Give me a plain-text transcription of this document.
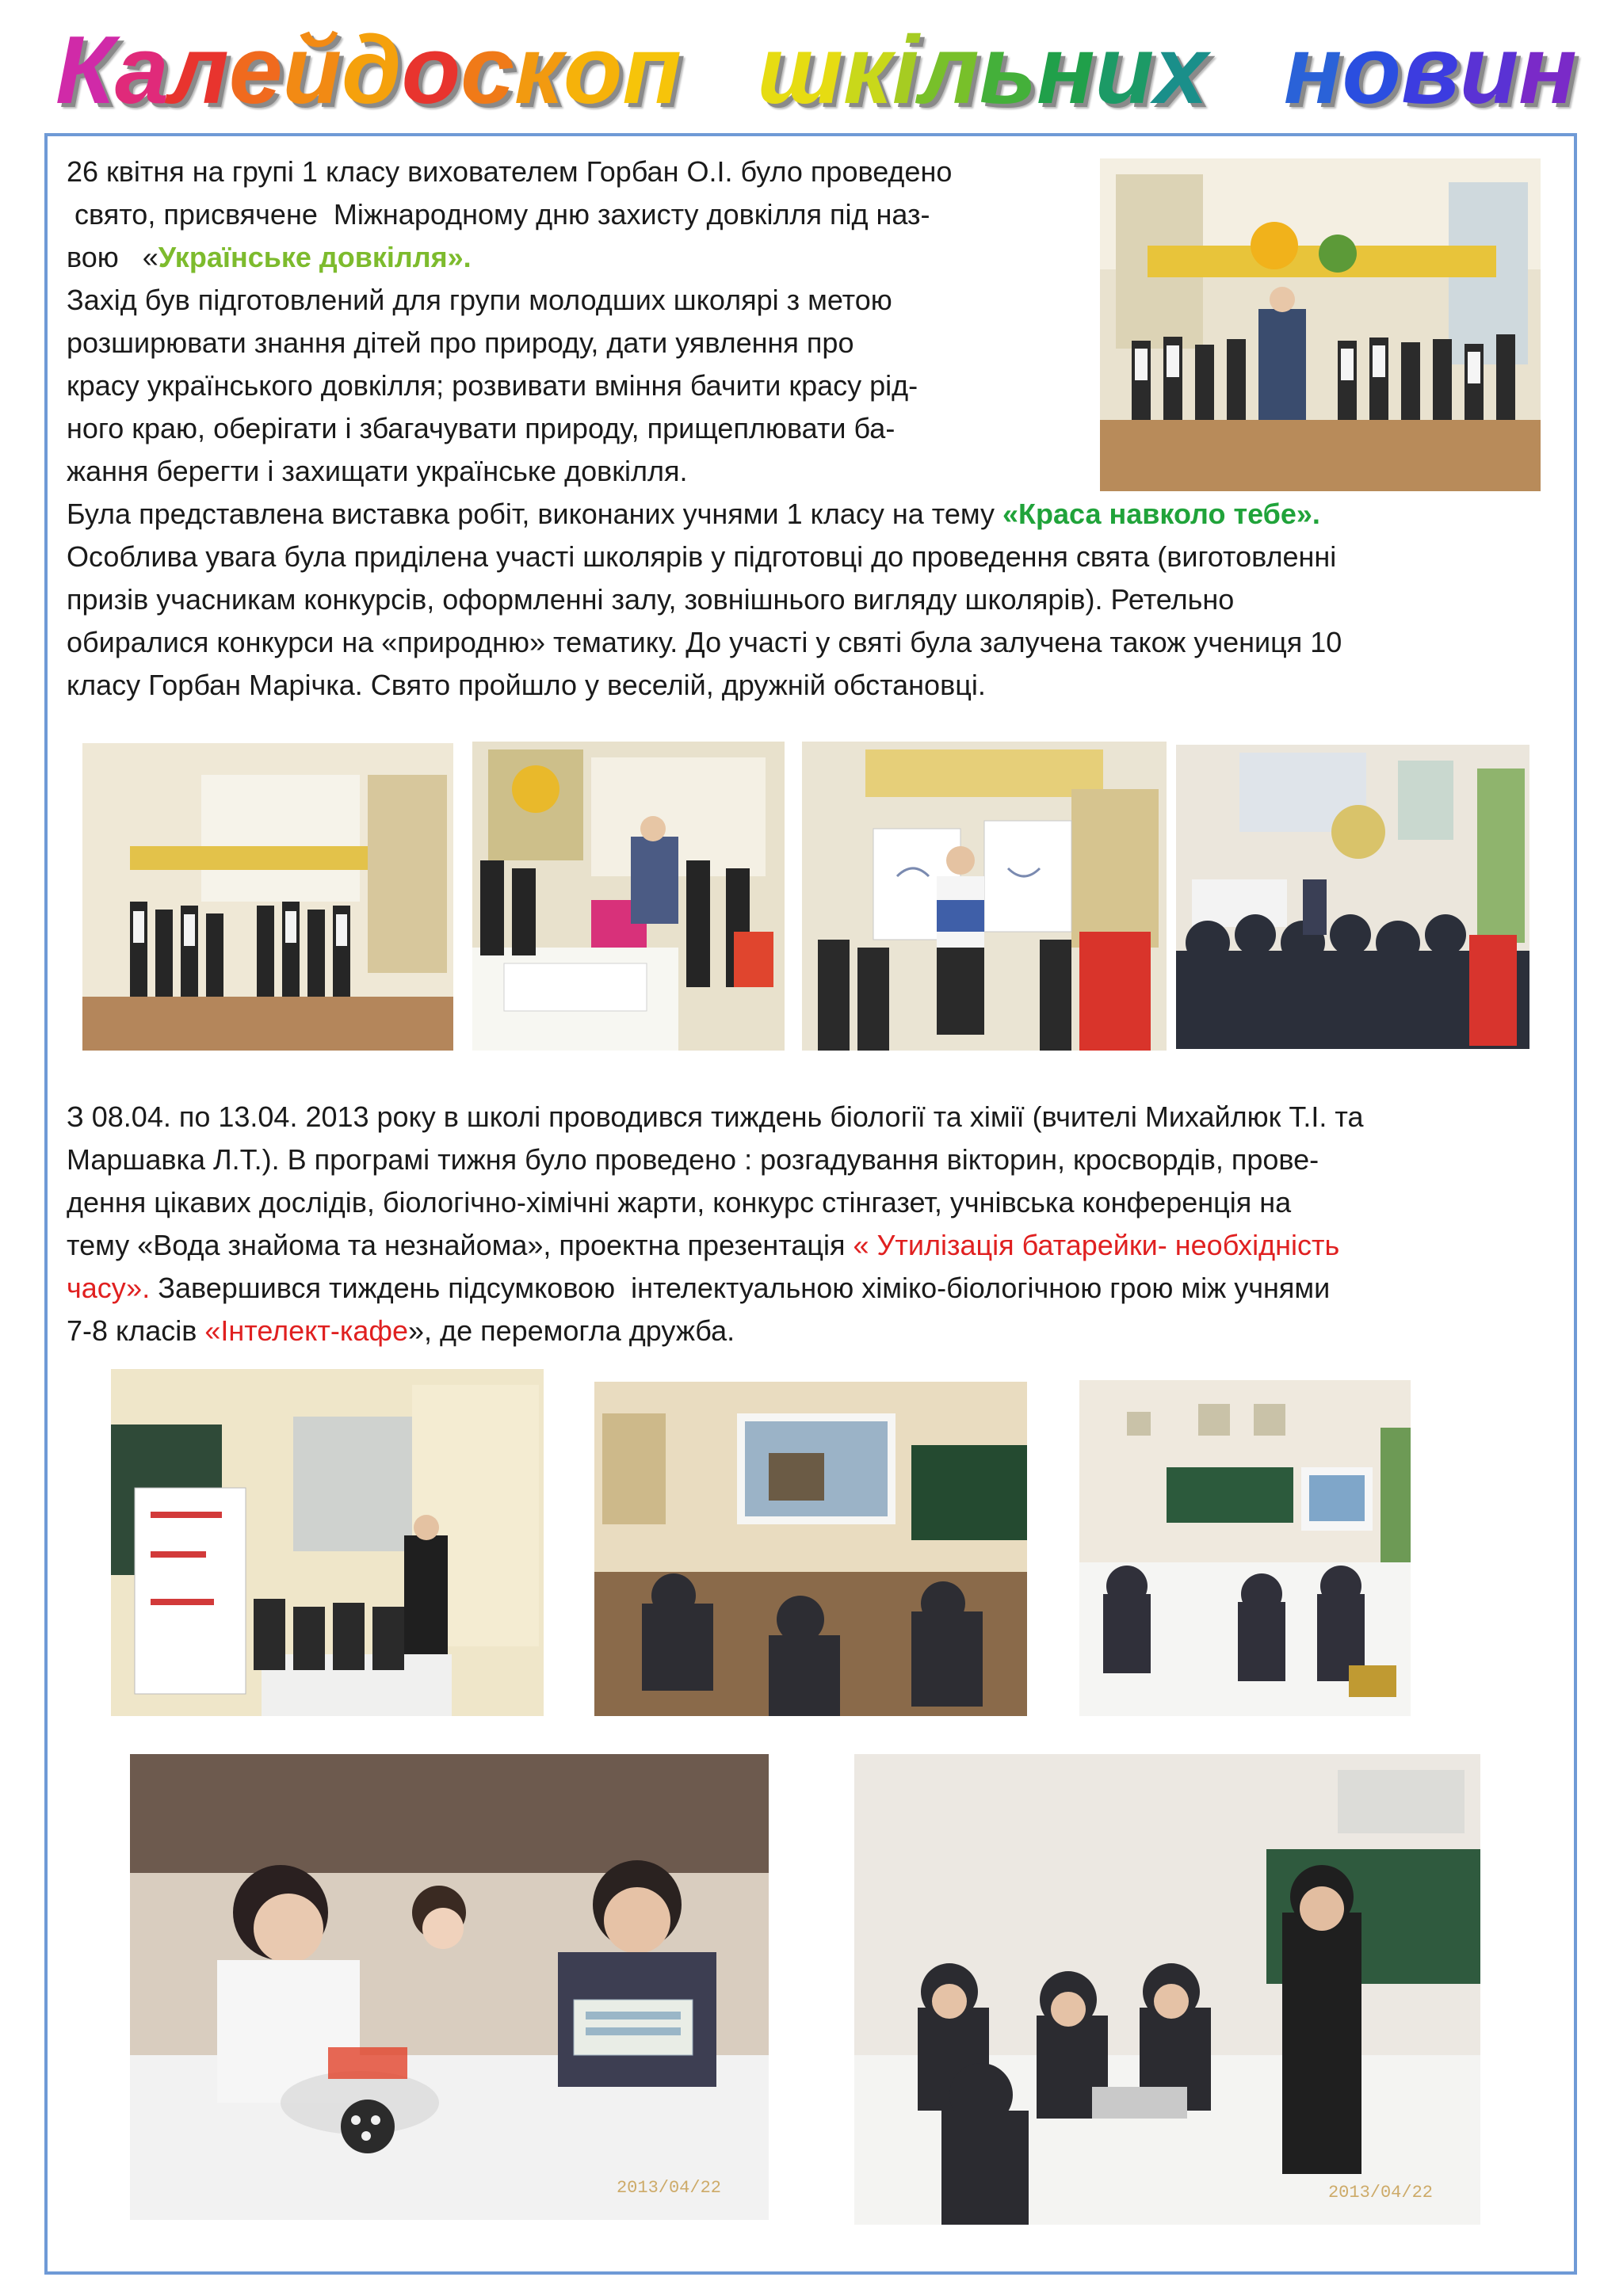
К а л е й д о с к о п ш к і л ь н и х н о в и н

26 квітня на групі 1 класу вихователем Горбан О.І. було проведено

свято, присвячене  Міжнародному дню захисту довкілля під наз-

вою   «Українське довкілля».

Захід був підготовлений для групи молодших школярі з метою

розширювати знання дітей про природу, дати уявлення про

красу українського довкілля; розвивати вміння бачити красу рід-

ного краю, оберігати і збагачувати природу, прищеплювати ба-

жання берегти і захищати українське довкілля.

Була представлена виставка робіт, виконаних учнями 1 класу на тему «Краса навколо тебе».

Особлива увага була приділена участі школярів у підготовці до проведення свята (виготовленні

призів учасникам конкурсів, оформленні залу, зовнішнього вигляду школярів). Ретельно

обиралися конкурси на «природню» тематику. До участі у святі була залучена також учениця 10

класу Горбан Марічка. Свято пройшло у веселій, дружній обстановці.

З 08.04. по 13.04. 2013 року в школі проводився тиждень біології та хімії (вчителі Михайлюк Т.І. та

Маршавка Л.Т.). В програмі тижня було проведено : розгадування вікторин, кросвордів, прове-

дення цікавих дослідів, біологічно-хімічні жарти, конкурс стінгазет, учнівська конференція на

тему «Вода знайома та незнайома», проектна презентація « Утилізація батарейки- необхідність

часу». Завершився тиждень підсумковою  інтелектуальною хіміко-біологічною грою між учнями

7-8 класів «Інтелект-кафе», де перемогла дружба.

2013/04/22	2013/04/22
